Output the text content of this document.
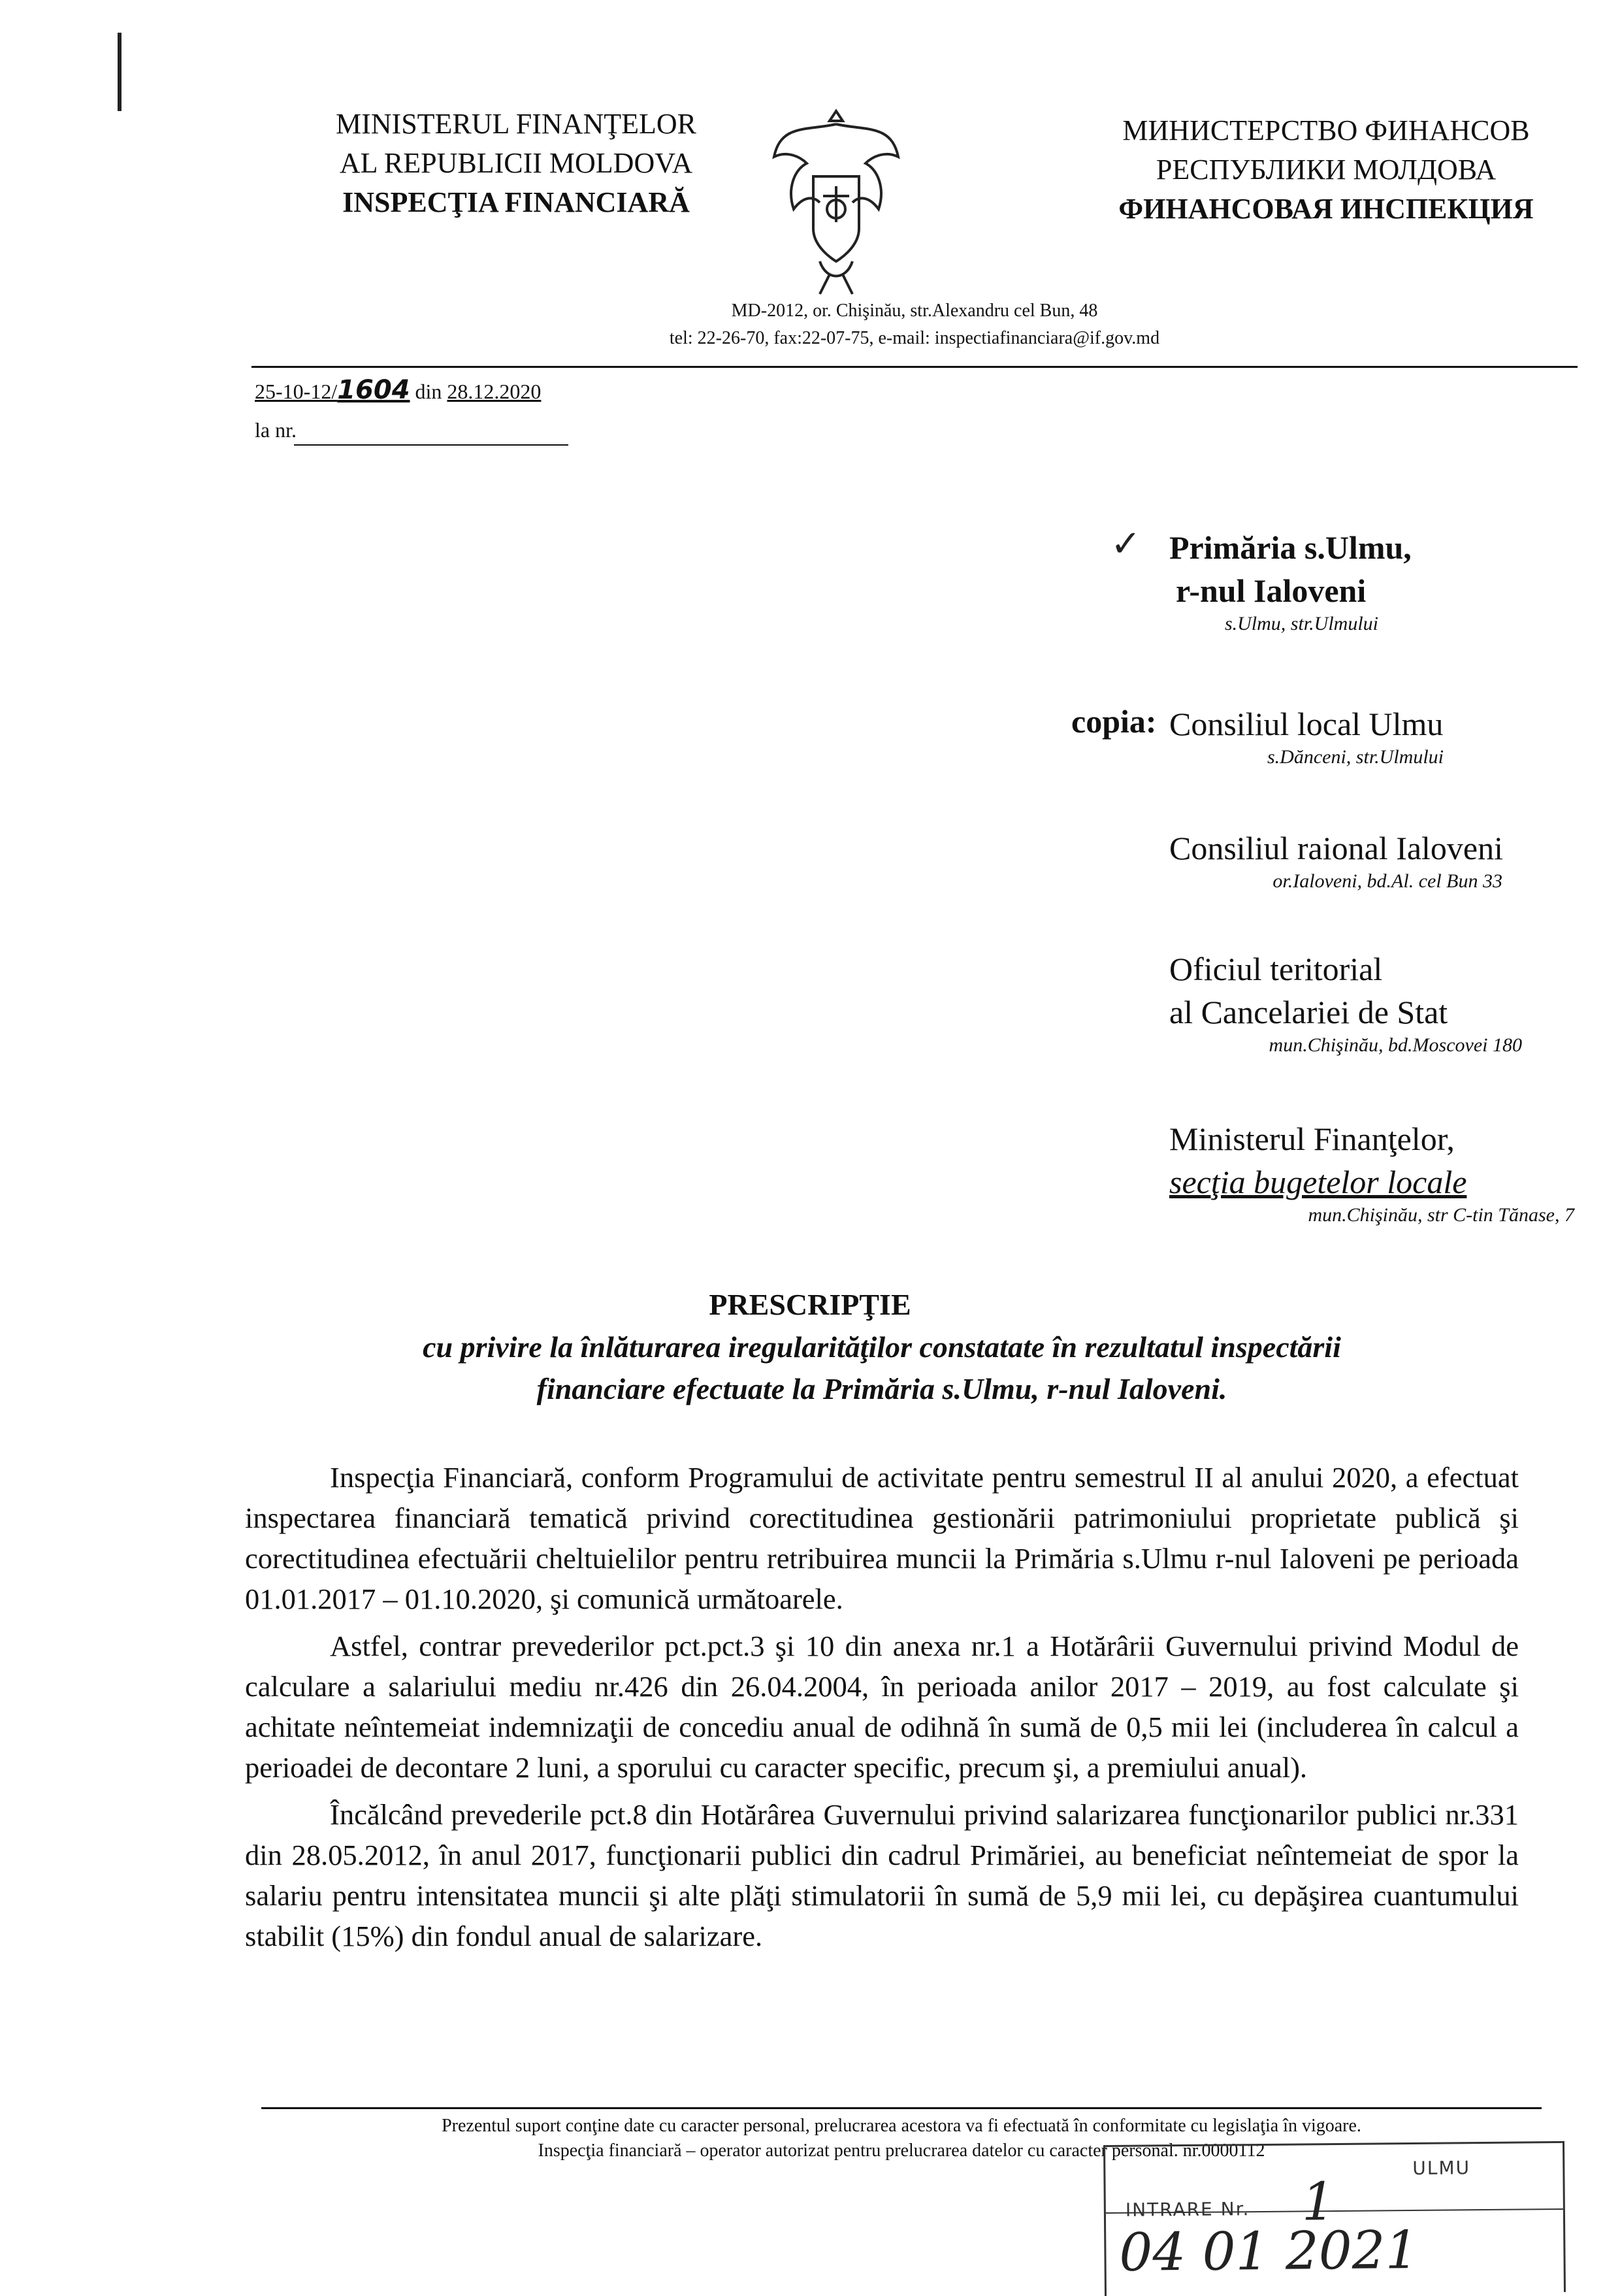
MINISTERUL FINANŢELOR
AL REPUBLICII MOLDOVA
INSPECŢIA FINANCIARĂ
МИНИСТЕРСТВО ФИНАНСОВ
РЕСПУБЛИКИ МОЛДОВА
ФИНАНСОВАЯ ИНСПЕКЦИЯ
MD-2012, or. Chişinău, str.Alexandru cel Bun, 48
tel: 22-26-70, fax:22-07-75, e-mail: inspectiafinanciara@if.gov.md
25-10-12/1604 din 28.12.2020
la nr.
✓ Primăria s.Ulmu,
r-nul Ialoveni
s.Ulmu, str.Ulmului
copia: Consiliul local Ulmu
s.Dănceni, str.Ulmului
Consiliul raional Ialoveni
or.Ialoveni, bd.Al. cel Bun 33
Oficiul teritorial
al Cancelariei de Stat
mun.Chişinău, bd.Moscovei 180
Ministerul Finanţelor,
secţia bugetelor locale
mun.Chişinău, str C-tin Tănase, 7
PRESCRIPŢIE
cu privire la înlăturarea iregularităţilor constatate în rezultatul inspectării
financiare efectuate la Primăria s.Ulmu, r-nul Ialoveni.

Inspecţia Financiară, conform Programului de activitate pentru semestrul II al anului 2020, a efectuat inspectarea financiară tematică privind corectitudinea gestionării patrimoniului proprietate publică şi corectitudinea efectuării cheltuielilor pentru retribuirea muncii la Primăria s.Ulmu r-nul Ialoveni pe perioada 01.01.2017 – 01.10.2020, şi comunică următoarele.

Astfel, contrar prevederilor pct.pct.3 şi 10 din anexa nr.1 a Hotărârii Guvernului privind Modul de calculare a salariului mediu nr.426 din 26.04.2004, în perioada anilor 2017 – 2019, au fost calculate şi achitate neîntemeiat indemnizaţii de concediu anual de odihnă în sumă de 0,5 mii lei (includerea în calcul a perioadei de decontare 2 luni, a sporului cu caracter specific, precum şi, a premiului anual).

Încălcând prevederile pct.8 din Hotărârea Guvernului privind salarizarea funcţionarilor publici nr.331 din 28.05.2012, în anul 2017, funcţionarii publici din cadrul Primăriei, au beneficiat neîntemeiat de spor la salariu pentru intensitatea muncii şi alte plăţi stimulatorii în sumă de 5,9 mii lei, cu depăşirea cuantumului stabilit (15%) din fondul anual de salarizare.

Prezentul suport conţine date cu caracter personal, prelucrarea acestora va fi efectuată în conformitate cu legislaţia în vigoare.
Inspecţia financiară – operator autorizat pentru prelucrarea datelor cu caracter personal. nr.0000112
ULMU
INTRARE Nr. 1
04 01 2021
